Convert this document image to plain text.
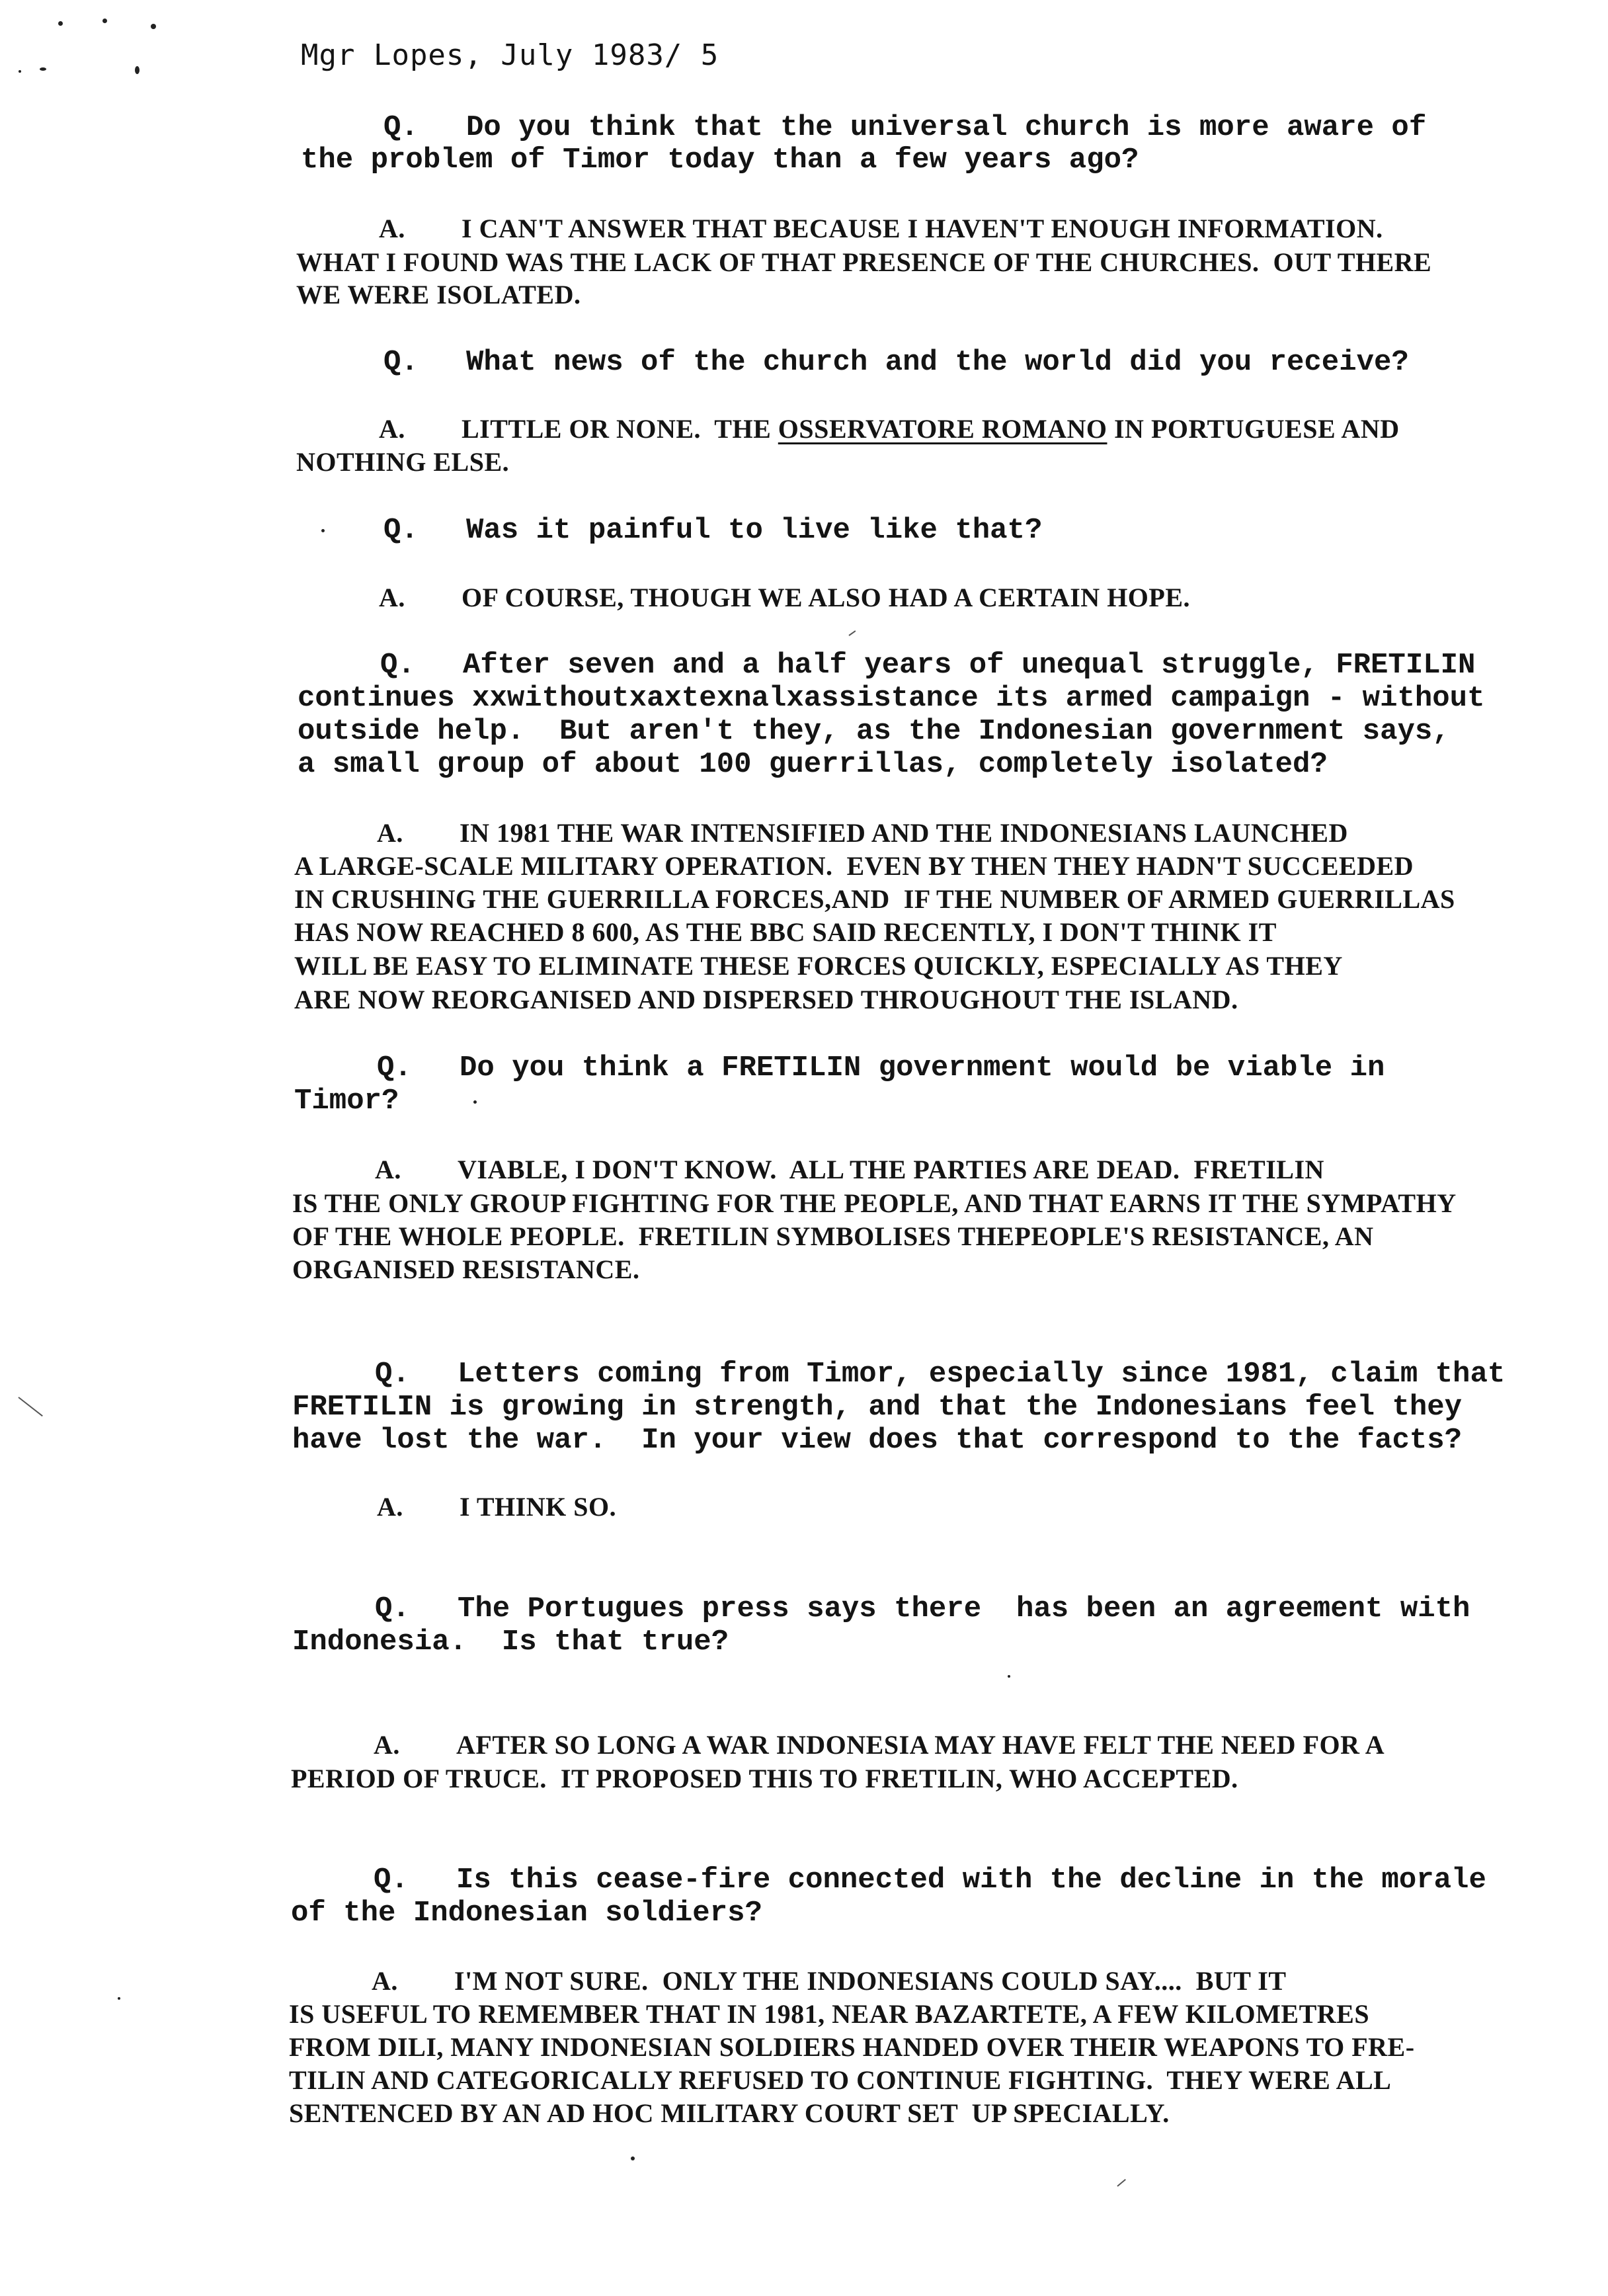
Mgr Lopes, July 1983/ 5
Q. Do you think that the universal church is more aware of
the problem of Timor today than a few years ago?
A. I CAN'T ANSWER THAT BECAUSE I HAVEN'T ENOUGH INFORMATION.
WHAT I FOUND WAS THE LACK OF THAT PRESENCE OF THE CHURCHES.  OUT THERE
WE WERE ISOLATED.
Q. What news of the church and the world did you receive?
A. LITTLE OR NONE.  THE OSSERVATORE ROMANO IN PORTUGUESE AND
NOTHING ELSE.
Q. Was it painful to live like that?
A. OF COURSE, THOUGH WE ALSO HAD A CERTAIN HOPE.
Q. After seven and a half years of unequal struggle, FRETILIN
continues xxwithoutxaxtexnalxassistance its armed campaign - without
outside help.  But aren't they, as the Indonesian government says,
a small group of about 100 guerrillas, completely isolated?
A. IN 1981 THE WAR INTENSIFIED AND THE INDONESIANS LAUNCHED
A LARGE-SCALE MILITARY OPERATION.  EVEN BY THEN THEY HADN'T SUCCEEDED
IN CRUSHING THE GUERRILLA FORCES,AND  IF THE NUMBER OF ARMED GUERRILLAS
HAS NOW REACHED 8 600, AS THE BBC SAID RECENTLY, I DON'T THINK IT
WILL BE EASY TO ELIMINATE THESE FORCES QUICKLY, ESPECIALLY AS THEY
ARE NOW REORGANISED AND DISPERSED THROUGHOUT THE ISLAND.
Q. Do you think a FRETILIN government would be viable in
Timor?
A. VIABLE, I DON'T KNOW.  ALL THE PARTIES ARE DEAD.  FRETILIN
IS THE ONLY GROUP FIGHTING FOR THE PEOPLE, AND THAT EARNS IT THE SYMPATHY
OF THE WHOLE PEOPLE.  FRETILIN SYMBOLISES THEPEOPLE'S RESISTANCE, AN
ORGANISED RESISTANCE.
Q. Letters coming from Timor, especially since 1981, claim that
FRETILIN is growing in strength, and that the Indonesians feel they
have lost the war.  In your view does that correspond to the facts?
A. I THINK SO.
Q. The Portugues press says there  has been an agreement with
Indonesia.  Is that true?
A. AFTER SO LONG A WAR INDONESIA MAY HAVE FELT THE NEED FOR A
PERIOD OF TRUCE.  IT PROPOSED THIS TO FRETILIN, WHO ACCEPTED.
Q. Is this cease-fire connected with the decline in the morale
of the Indonesian soldiers?
A. I'M NOT SURE.  ONLY THE INDONESIANS COULD SAY....  BUT IT
IS USEFUL TO REMEMBER THAT IN 1981, NEAR BAZARTETE, A FEW KILOMETRES
FROM DILI, MANY INDONESIAN SOLDIERS HANDED OVER THEIR WEAPONS TO FRE-
TILIN AND CATEGORICALLY REFUSED TO CONTINUE FIGHTING.  THEY WERE ALL
SENTENCED BY AN AD HOC MILITARY COURT SET  UP SPECIALLY.
